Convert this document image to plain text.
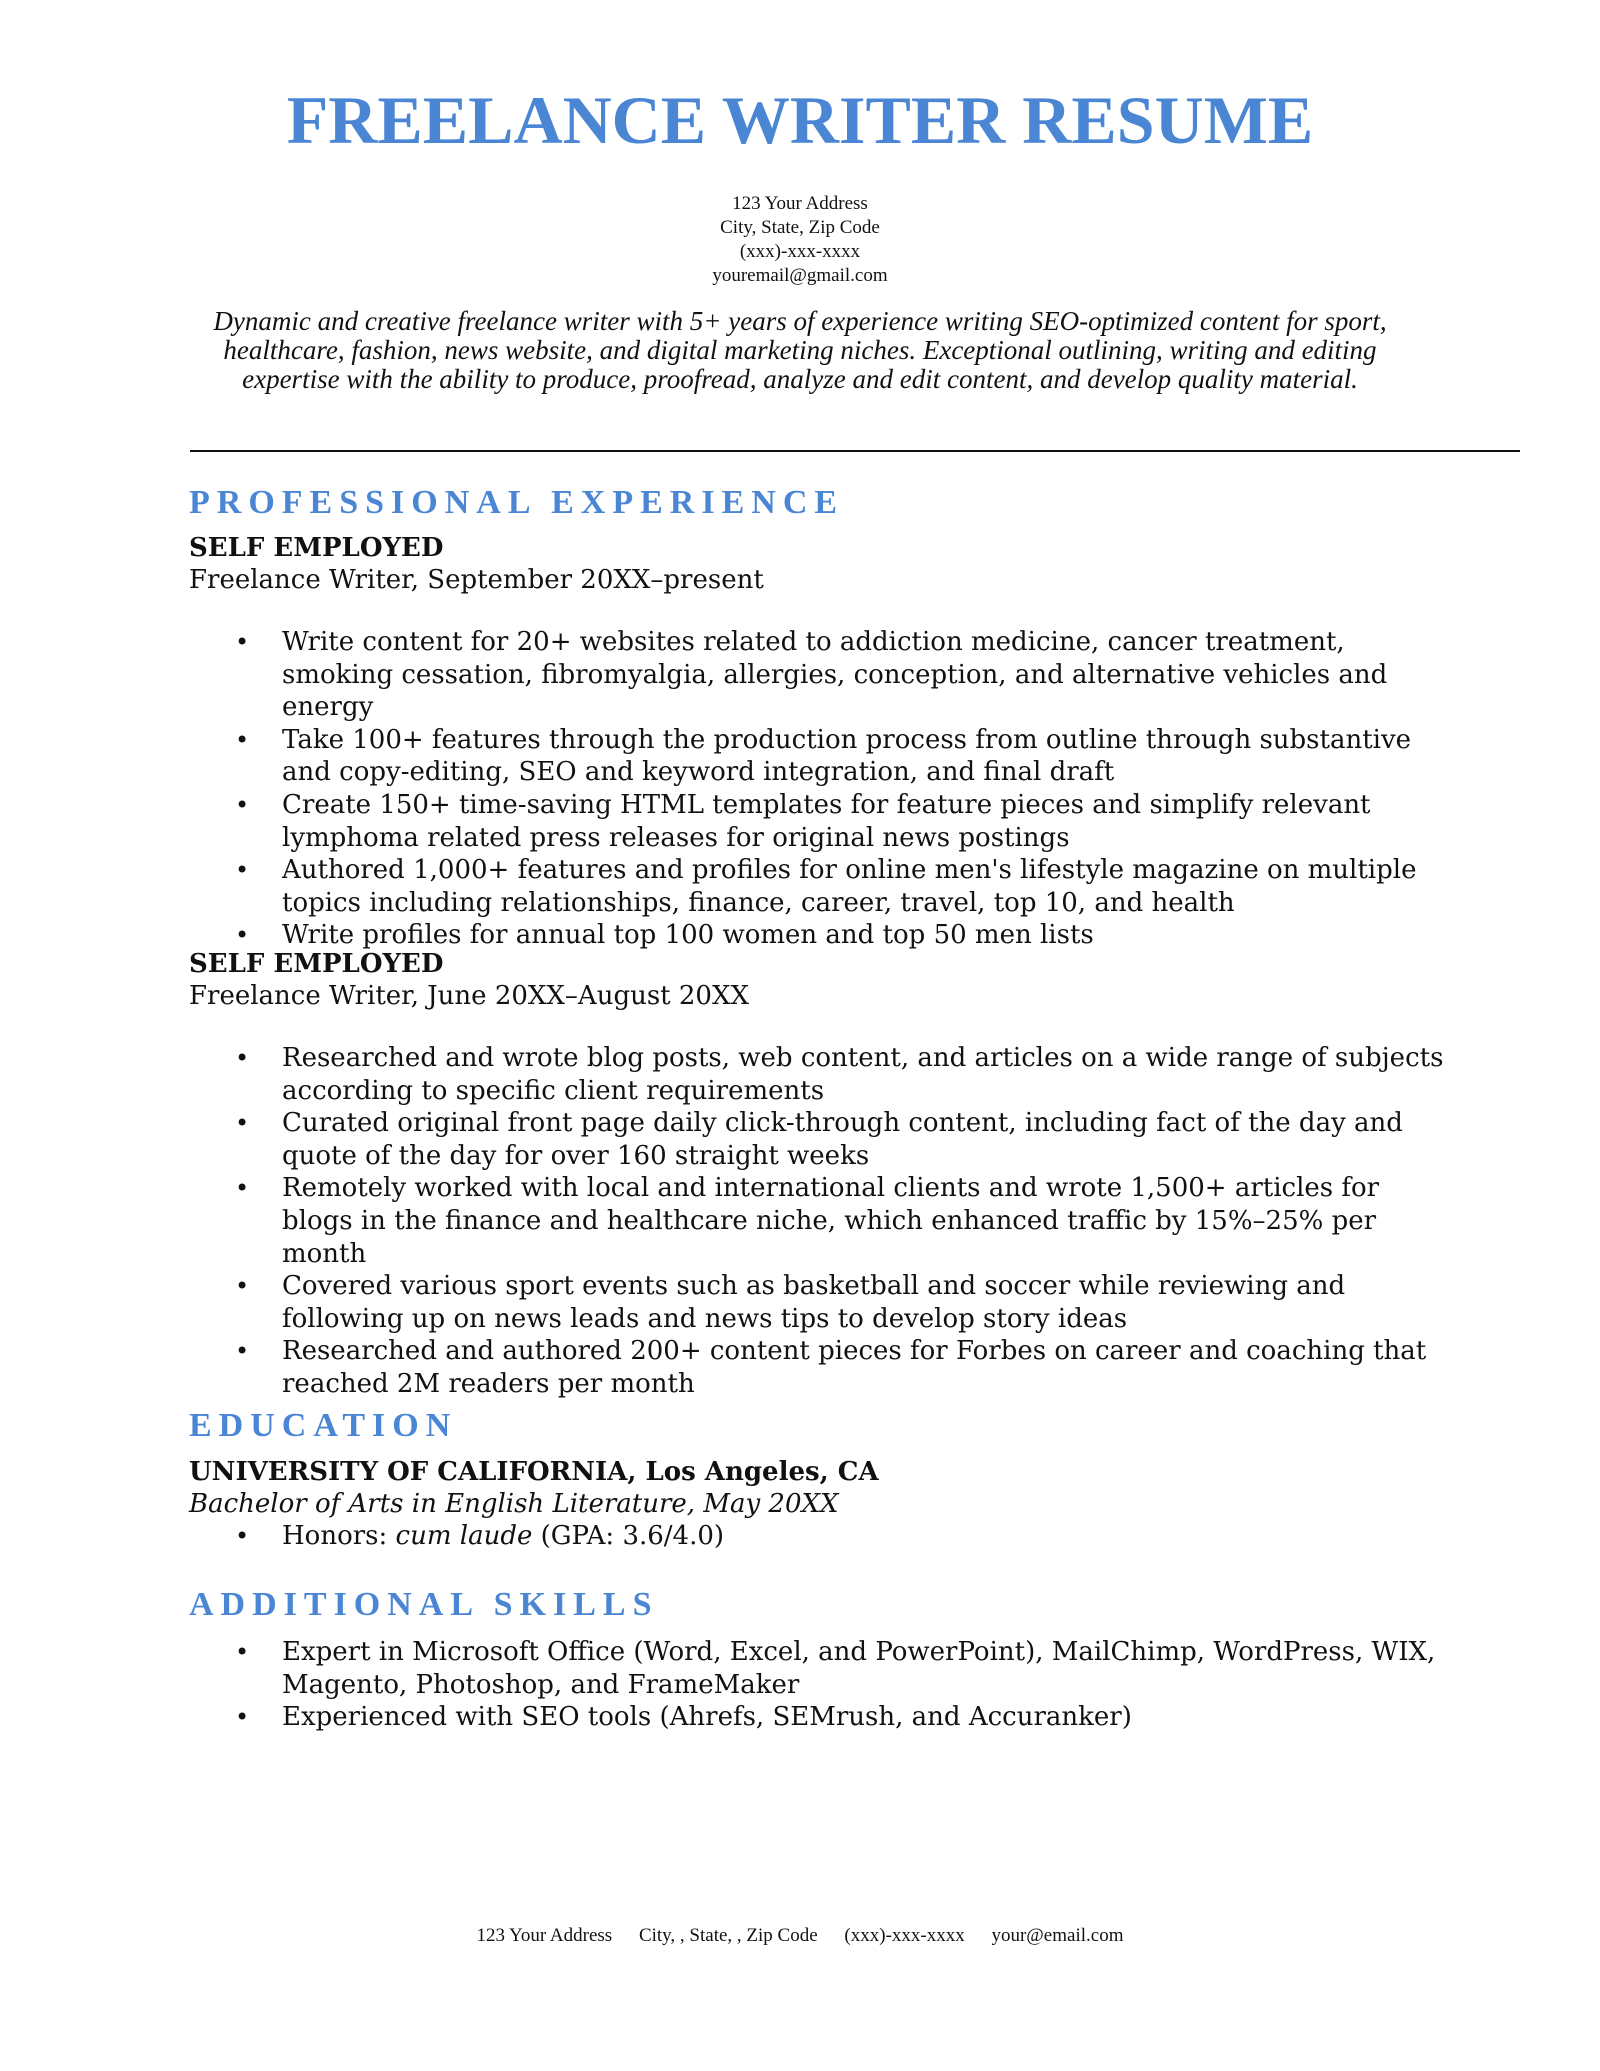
FREELANCE WRITER RESUME
123 Your Address
City, State, Zip Code
(xxx)-xxx-xxxx
youremail@gmail.com

Dynamic and creative freelance writer with 5+ years of experience writing SEO-optimized content for sport, healthcare, fashion, news website, and digital marketing niches. Exceptional outlining, writing and editing expertise with the ability to produce, proofread, analyze and edit content, and develop quality material.

PROFESSIONAL EXPERIENCE

SELF EMPLOYED

Freelance Writer, September 20XX–present

• Write content for 20+ websites related to addiction medicine, cancer treatment, smoking cessation, fibromyalgia, allergies, conception, and alternative vehicles and energy
• Take 100+ features through the production process from outline through substantive and copy-editing, SEO and keyword integration, and final draft
• Create 150+ time-saving HTML templates for feature pieces and simplify relevant lymphoma related press releases for original news postings
• Authored 1,000+ features and profiles for online men's lifestyle magazine on multiple topics including relationships, finance, career, travel, top 10, and health
• Write profiles for annual top 100 women and top 50 men lists

SELF EMPLOYED

Freelance Writer, June 20XX–August 20XX

• Researched and wrote blog posts, web content, and articles on a wide range of subjects according to specific client requirements
• Curated original front page daily click-through content, including fact of the day and quote of the day for over 160 straight weeks
• Remotely worked with local and international clients and wrote 1,500+ articles for blogs in the finance and healthcare niche, which enhanced traffic by 15%–25% per month
• Covered various sport events such as basketball and soccer while reviewing and following up on news leads and news tips to develop story ideas
• Researched and authored 200+ content pieces for Forbes on career and coaching that reached 2M readers per month
EDUCATION

UNIVERSITY OF CALIFORNIA, Los Angeles, CA

Bachelor of Arts in English Literature, May 20XX

• Honors: cum laude (GPA: 3.6/4.0)
ADDITIONAL SKILLS
• Expert in Microsoft Office (Word, Excel, and PowerPoint), MailChimp, WordPress, WIX, Magento, Photoshop, and FrameMaker
• Experienced with SEO tools (Ahrefs, SEMrush, and Accuranker)
123 Your Address City, , State, , Zip Code (xxx)-xxx-xxxx your@email.com
